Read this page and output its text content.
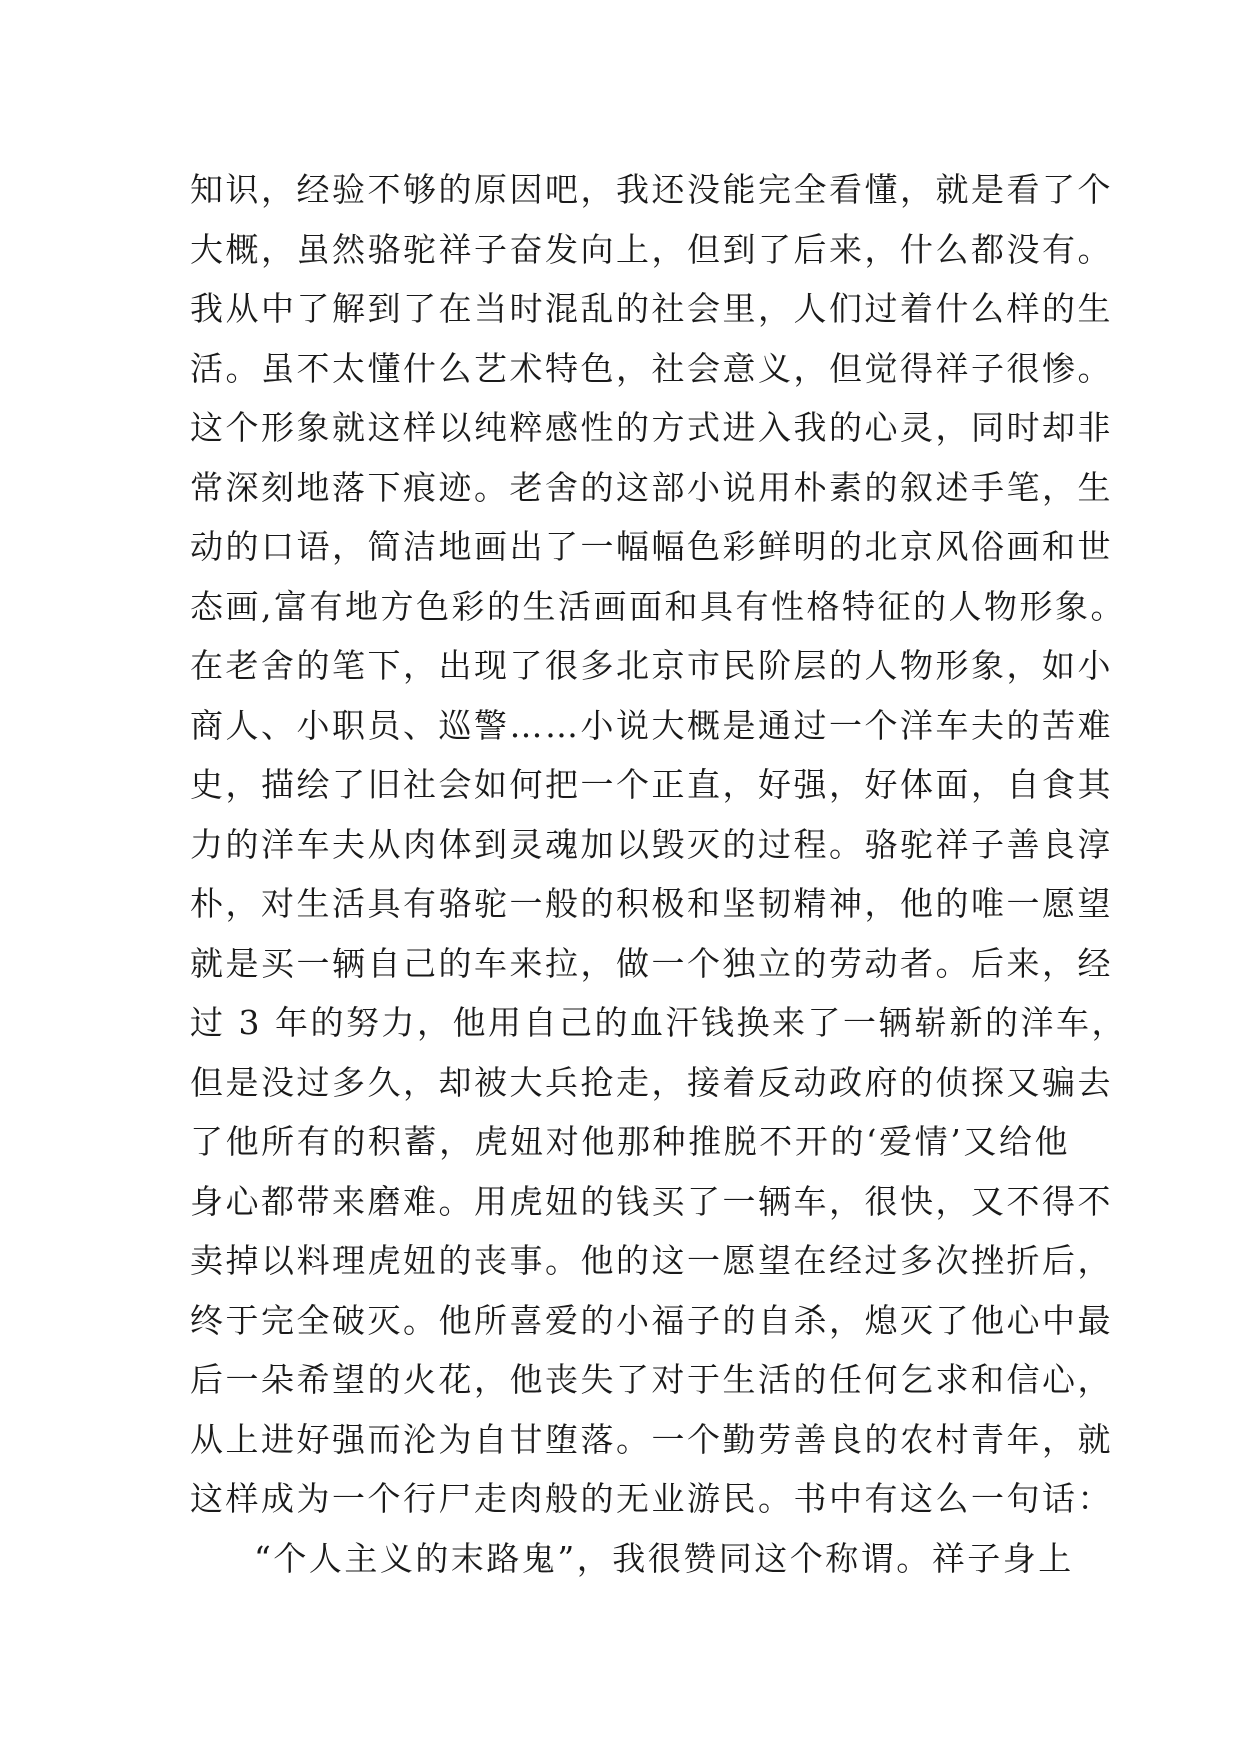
知识，经验不够的原因吧，我还没能完全看懂，就是看了个
大概，虽然骆驼祥子奋发向上，但到了后来，什么都没有。
我从中了解到了在当时混乱的社会里，人们过着什么样的生
活。虽不太懂什么艺术特色，社会意义，但觉得祥子很惨。
这个形象就这样以纯粹感性的方式进入我的心灵，同时却非
常深刻地落下痕迹。老舍的这部小说用朴素的叙述手笔，生
动的口语，简洁地画出了一幅幅色彩鲜明的北京风俗画和世
态画,富有地方色彩的生活画面和具有性格特征的人物形象。
在老舍的笔下，出现了很多北京市民阶层的人物形象，如小
商人、小职员、巡警……小说大概是通过一个洋车夫的苦难
史，描绘了旧社会如何把一个正直，好强，好体面，自食其
力的洋车夫从肉体到灵魂加以毁灭的过程。骆驼祥子善良淳
朴，对生活具有骆驼一般的积极和坚韧精神，他的唯一愿望
就是买一辆自己的车来拉，做一个独立的劳动者。后来，经
过 3 年的努力，他用自己的血汗钱换来了一辆崭新的洋车，
但是没过多久，却被大兵抢走，接着反动政府的侦探又骗去
了他所有的积蓄，虎妞对他那种推脱不开的‘爱情’又给他
身心都带来磨难。用虎妞的钱买了一辆车，很快，又不得不
卖掉以料理虎妞的丧事。他的这一愿望在经过多次挫折后，
终于完全破灭。他所喜爱的小福子的自杀，熄灭了他心中最
后一朵希望的火花，他丧失了对于生活的任何乞求和信心，
从上进好强而沦为自甘堕落。一个勤劳善良的农村青年，就
这样成为一个行尸走肉般的无业游民。书中有这么一句话：
“个人主义的末路鬼”，我很赞同这个称谓。祥子身上
